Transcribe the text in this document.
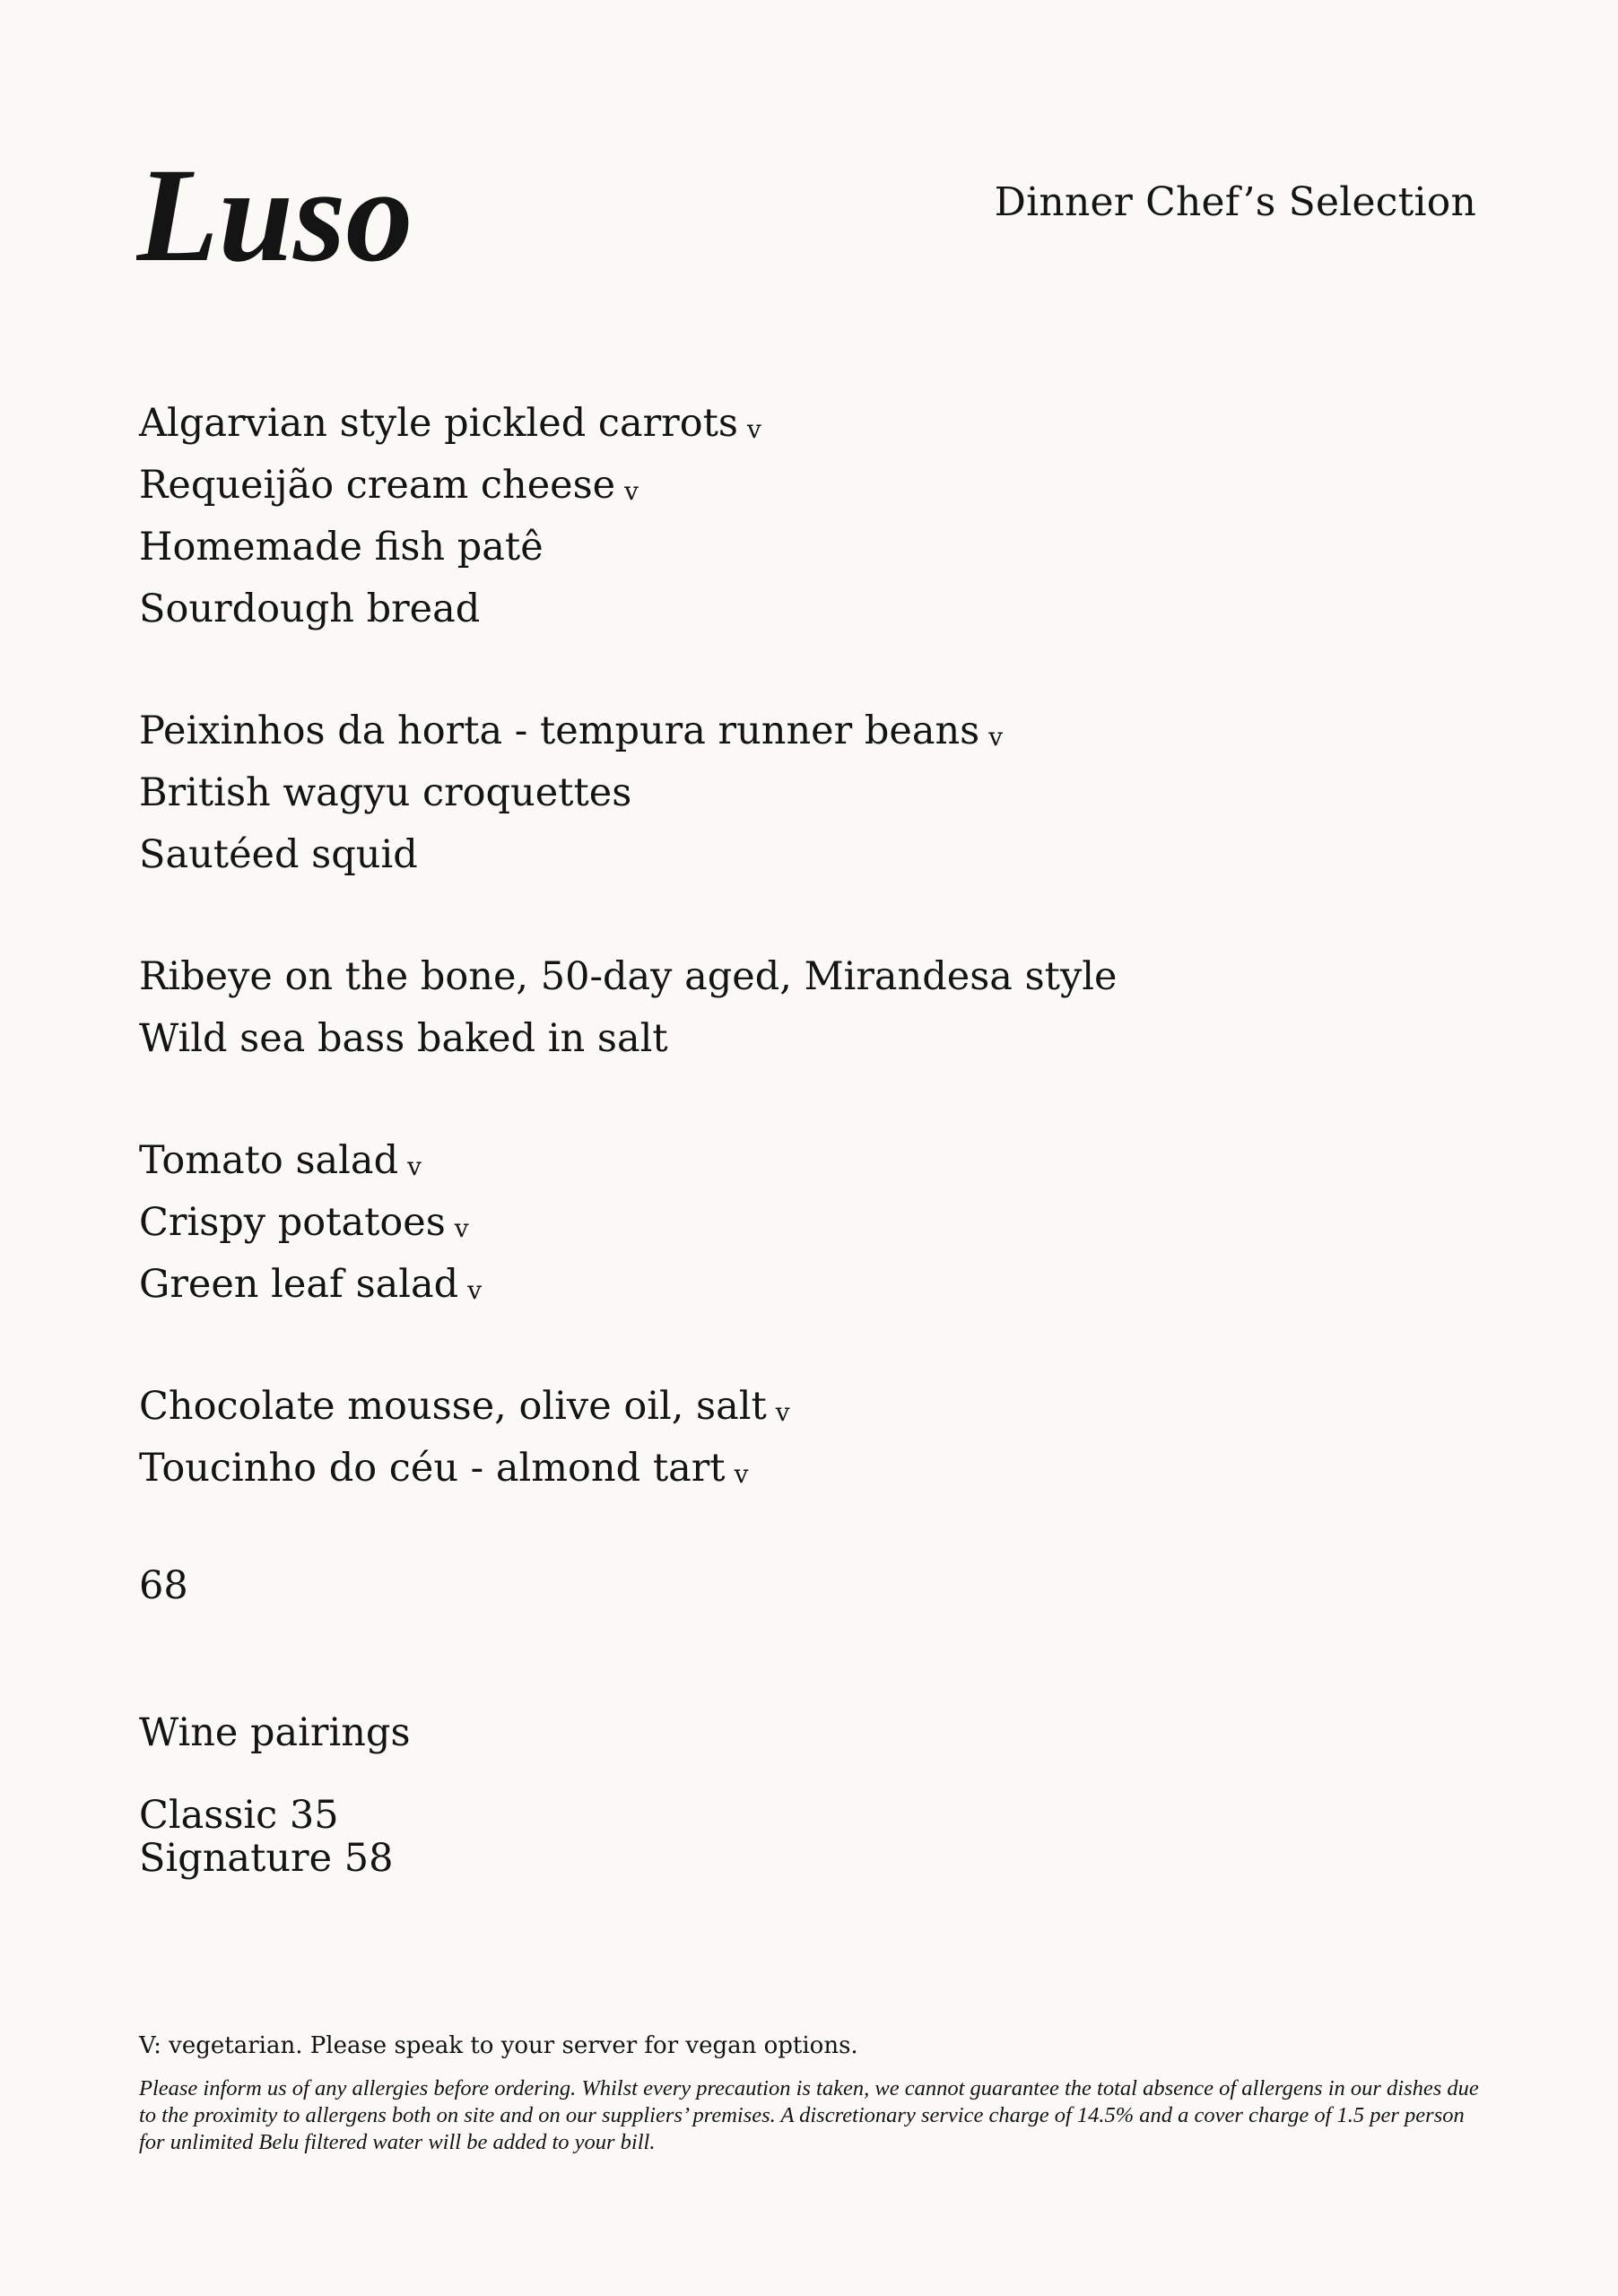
Luso	Dinner Chef’s Selection
Algarvian style pickled carrots v
Requeijão cream cheese v
Homemade fish patê
Sourdough bread
Peixinhos da horta - tempura runner beans v
British wagyu croquettes
Sautéed squid
Ribeye on the bone, 50-day aged, Mirandesa style
Wild sea bass baked in salt
Tomato salad v
Crispy potatoes v
Green leaf salad v
Chocolate mousse, olive oil, salt v
Toucinho do céu - almond tart v
68
Wine pairings
Classic 35
Signature 58
V: vegetarian. Please speak to your server for vegan options.
Please inform us of any allergies before ordering. Whilst every precaution is taken, we cannot guarantee the total absence of allergens in our dishes due to the proximity to allergens both on site and on our suppliers’ premises. A discretionary service charge of 14.5% and a cover charge of 1.5 per person for unlimited Belu filtered water will be added to your bill.
